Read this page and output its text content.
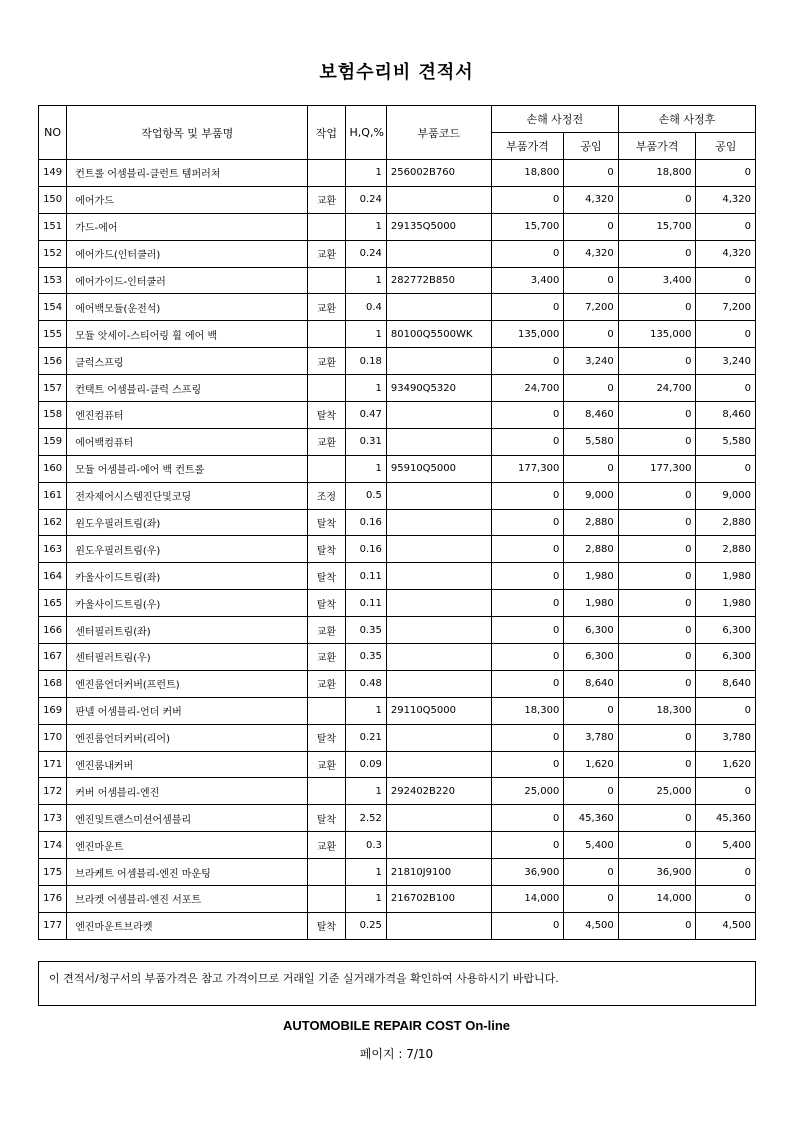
보험수리비 견적서
NO	작업항목 및 부품명	작업	H,Q,%	부품코드	손해 사정전		손해 사정후	
					부품가격	공임	부품가격	공임
149	컨트롤 어셈블리-클런트 템퍼러쳐		1	256002B760	18,800	0	18,800	0
150	에어가드	교환	0.24		0	4,320	0	4,320
151	가드-에어		1	29135Q5000	15,700	0	15,700	0
152	에어가드(인터쿨러)	교환	0.24		0	4,320	0	4,320
153	에어가이드-인터쿨러		1	282772B850	3,400	0	3,400	0
154	에어백모듈(운전석)	교환	0.4		0	7,200	0	7,200
155	모듈 앗세이-스티어링 휠 에어 백		1	80100Q5500WK	135,000	0	135,000	0
156	클럭스프링	교환	0.18		0	3,240	0	3,240
157	컨택트 어셈블리-클럭 스프링		1	93490Q5320	24,700	0	24,700	0
158	엔진컴퓨터	탈착	0.47		0	8,460	0	8,460
159	에어백컴퓨터	교환	0.31		0	5,580	0	5,580
160	모듈 어셈블리-에어 백 컨트롤		1	95910Q5000	177,300	0	177,300	0
161	전자제어시스템진단및코딩	조정	0.5		0	9,000	0	9,000
162	윈도우필러트림(좌)	탈착	0.16		0	2,880	0	2,880
163	윈도우필러트림(우)	탈착	0.16		0	2,880	0	2,880
164	카울사이드트림(좌)	탈착	0.11		0	1,980	0	1,980
165	카울사이드트림(우)	탈착	0.11		0	1,980	0	1,980
166	센터필러트림(좌)	교환	0.35		0	6,300	0	6,300
167	센터필러트림(우)	교환	0.35		0	6,300	0	6,300
168	엔진룸언더커버(프런트)	교환	0.48		0	8,640	0	8,640
169	판넬 어셈블리-언더 커버		1	29110Q5000	18,300	0	18,300	0
170	엔진룸언더커버(리어)	탈착	0.21		0	3,780	0	3,780
171	엔진룸내커버	교환	0.09		0	1,620	0	1,620
172	커버 어셈블리-엔진		1	292402B220	25,000	0	25,000	0
173	엔진및트랜스미션어셈블리	탈착	2.52		0	45,360	0	45,360
174	엔진마운트	교환	0.3		0	5,400	0	5,400
175	브라케트 어셈블리-엔진 마운팅		1	21810J9100	36,900	0	36,900	0
176	브라켓 어셈블리-엔진 서포트		1	216702B100	14,000	0	14,000	0
177	엔진마운트브라켓	탈착	0.25		0	4,500	0	4,500
이 견적서/청구서의 부품가격은 참고 가격이므로 거래일 기준 실거래가격을 확인하여 사용하시기 바랍니다.
AUTOMOBILE REPAIR COST On-line
페이지 : 7/10
